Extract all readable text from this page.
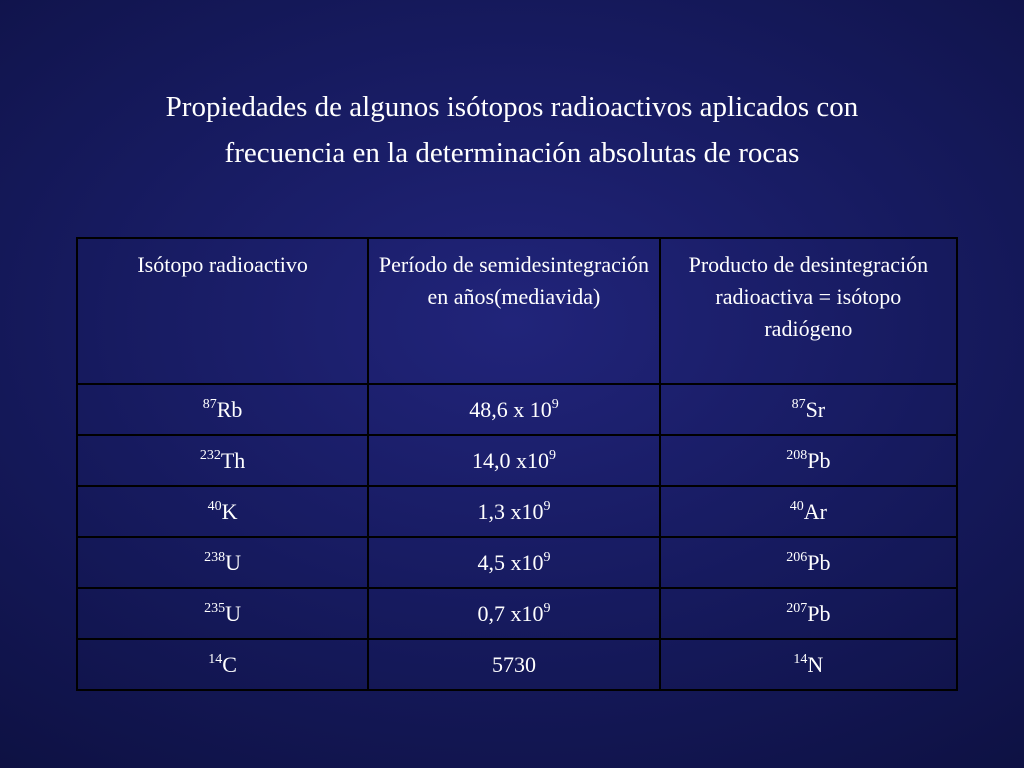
Propiedades de algunos isótopos radioactivos aplicados con
frecuencia en la determinación absolutas de rocas
Isótopo radioactivo	Período de semidesintegración en años(mediavida)	Producto de desintegración radioactiva = isótopo radiógeno
$^{87}$Rb	48,6 x $10^9$	$^{87}$Sr
$^{232}$Th	14,0 $x10^9$	$^{208}$Pb
$^{40}$K	1,3 $x10^9$	$^{40}$Ar
$^{238}$U	4,5 $x10^9$	$^{206}$Pb
$^{235}$U	0,7 $x10^9$	$^{207}$Pb
$^{14}$C	5730	$^{14}$N
